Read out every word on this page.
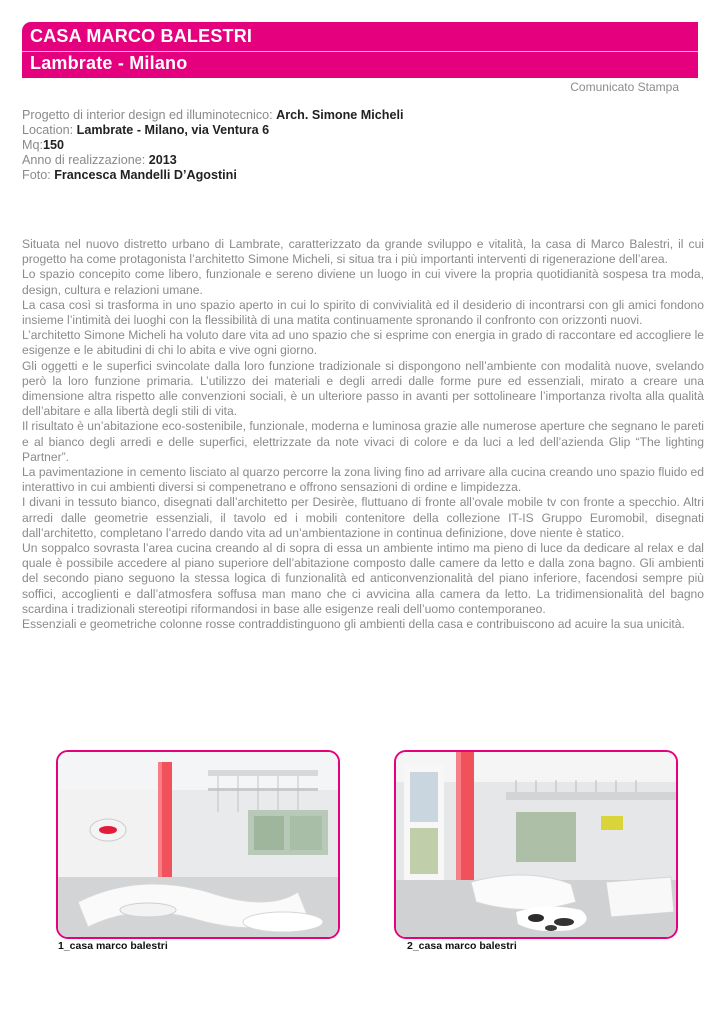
CASA MARCO BALESTRI
Lambrate - Milano
Comunicato Stampa
Progetto di interior design ed illuminotecnico: Arch. Simone Micheli
Location: Lambrate - Milano, via Ventura 6
Mq:150
Anno di realizzazione: 2013
Foto: Francesca Mandelli D’Agostini

Situata nel nuovo distretto urbano di Lambrate, caratterizzato da grande sviluppo e vitalità, la casa di Marco Balestri, il cui progetto ha come protagonista l’architetto Simone Micheli, si situa tra i più importanti interventi di rigenerazione dell’area.

Lo spazio concepito come libero, funzionale e sereno diviene un luogo in cui vivere la propria quotidianità sospesa tra moda, design, cultura e relazioni umane.

La casa così si trasforma in uno spazio aperto in cui lo spirito di convivialità ed il desiderio di incontrarsi con gli amici fondono insieme l’intimità dei luoghi con la flessibilità di una matita continuamente spronando il confronto con orizzonti nuovi.

L’architetto Simone Micheli ha voluto dare vita ad uno spazio che si esprime con energia in grado di raccontare ed accogliere le esigenze e le abitudini di chi lo abita e vive ogni giorno.

Gli oggetti e le superfici svincolate dalla loro funzione tradizionale si dispongono nell’ambiente con modalità nuove, svelando però la loro funzione primaria. L’utilizzo dei materiali e degli arredi dalle forme pure ed essenziali, mirato a creare una dimensione altra rispetto alle convenzioni sociali, è un ulteriore passo in avanti per sottolineare l’importanza rivolta alla qualità dell’abitare e alla libertà degli stili di vita.

Il risultato è un’abitazione eco-sostenibile, funzionale, moderna e luminosa grazie alle numerose aperture che segnano le pareti e al bianco degli arredi e delle superfici, elettrizzate da note vivaci di colore e da luci a led dell’azienda Glip “The lighting Partner”.

La pavimentazione in cemento lisciato al quarzo percorre la zona living fino ad arrivare alla cucina creando uno spazio fluido ed interattivo in cui ambienti diversi si compenetrano e offrono sensazioni di ordine e limpidezza.

I divani in tessuto bianco, disegnati dall’architetto per Desirèe, fluttuano di fronte all’ovale mobile tv con fronte a specchio. Altri arredi dalle geometrie essenziali, il tavolo ed i mobili contenitore della collezione IT-IS Gruppo Euromobil, disegnati dall’architetto, completano l’arredo dando vita ad un’ambientazione in continua definizione, dove niente è statico.

Un soppalco sovrasta l’area cucina creando al di sopra di essa un ambiente intimo ma pieno di luce da dedicare al relax e dal quale è possibile accedere al piano superiore dell’abitazione composto dalle camere da letto e dalla zona bagno. Gli ambienti del secondo piano seguono la stessa logica di funzionalità ed anticonvenzionalità del piano inferiore, facendosi sempre più soffici, accoglienti e dall’atmosfera soffusa man mano che ci avvicina alla camera da letto. La tridimensionalità del bagno scardina i tradizionali stereotipi riformandosi in base alle esigenze reali dell’uomo contemporaneo.

Essenziali e geometriche colonne rosse contraddistinguono gli ambienti della casa e contribuiscono ad acuire la sua unicità.

1_casa marco balestri	2_casa marco balestri
